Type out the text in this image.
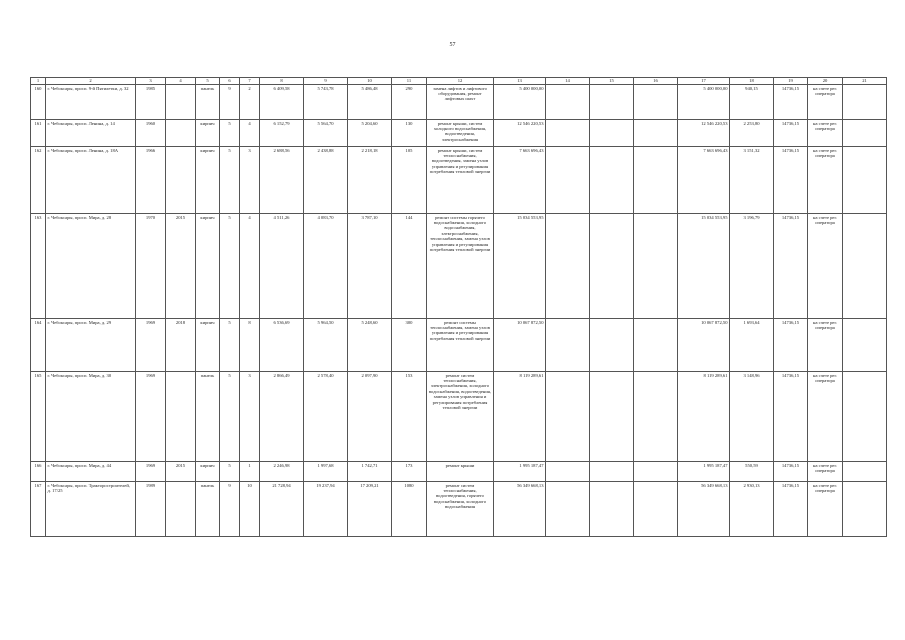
57
1	2	3	4	5	6	7	8	9	10	11	12	13	14	15	16	17	18	19	20	21
160	г. Чебоксары, просп. 9-й Пятилетки, д. 32	1985		панель	9	2	6 409,58	5 743,78	5 486,48	290	замена лифтов и лифтового оборудования, ремонт лифтовых шахт	5 400 000,00				5 400 000,00	940,15	14736,15	на счете рег. оператора	
161	г. Чебоксары, просп. Ленина, д. 14	1960		кирпич	5	4	6 152,79	5 564,70	5 204,60	130	ремонт крыши, систем холодного водоснабжения, водоотведения, электроснабжения	12 546 220,53				12 546 220,53	2 253,80	14736,15	на счете рег. оператора	
162	г. Чебоксары, просп. Ленина, д. 18А	1966		кирпич	5	3	2 688,56	2 438,88	2 218,18	105	ремонт крыши, систем теплоснабжения, водоотведения, замена узлов управления и регулирования потребления тепловой энергии	7 663 696,43				7 663 696,43	3 151,32	14736,15	на счете рег. оператора	
163	г. Чебоксары, просп. Мира, д. 28	1970	2015	кирпич	5	4	4 511,26	4 083,70	3 787,10	144	ремонт системы горячего водоснабжения, холодного водоснабжения, электроснабжения, теплоснабжения, замена узлов управления и регулирования потребления тепловой энергии	15 034 553,95				15 034 553,95	3 196,79	14736,15	на счете рег. оператора	
164	г. Чебоксары, просп. Мира, д. 29	1969	2018	кирпич	5	8	6 536,69	5 964,50	5 248,60	300	ремонт системы теплоснабжения, замена узлов управления и регулирования потребления тепловой энергии	10 067 872,50				10 067 872,50	1 693,64	14736,15	на счете рег. оператора	
165	г. Чебоксары, просп. Мира, д. 30	1969		панель	5	3	2 866,49	2 578,40	2 097,90	153	ремонт систем теплоснабжения, электроснабжения, холодного водоснабжения, водоотведения, замена узлов управления и регулирования потребления тепловой энергии	8 119 289,61				8 119 289,61	3 148,96	14736,15	на счете рег. оператора	
166	г. Чебоксары, просп. Мира, д. 44	1969	2015	кирпич	5	1	2 246,98	1 997,68	1 742,71	173	ремонт крыши	1 995 187,47				1 995 187,47	550,59	14736,15	на счете рег. оператора	
167	г. Чебоксары, просп. Тракторостроителей, д. 17/25	1989		панель	9	10	21 728,94	19 237,94	17 209,21	1080	ремонт систем теплоснабжения, водоотведения, горячего водоснабжения, холодного водоснабжения	56 349 668,13				56 349 668,13	2 930,13	14736,15	на счете рег. оператора	
